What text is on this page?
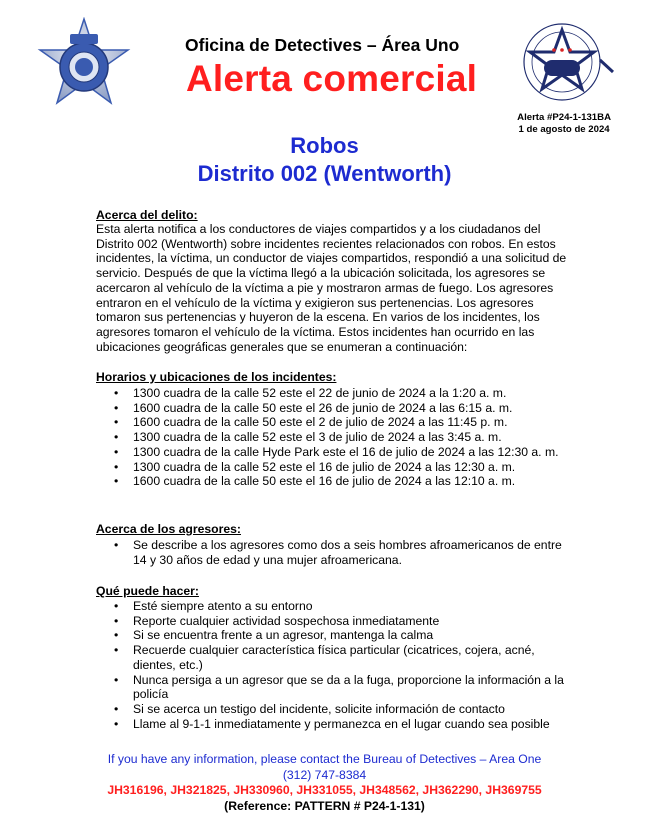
Oficina de Detectives – Área Uno
Alerta comercial
Alerta #P24-1-131BA
1 de agosto de 2024
Robos
Distrito 002 (Wentworth)
Acerca del delito:
Esta alerta notifica a los conductores de viajes compartidos y a los ciudadanos del Distrito 002 (Wentworth) sobre incidentes recientes relacionados con robos. En estos incidentes, la víctima, un conductor de viajes compartidos, respondió a una solicitud de servicio. Después de que la víctima llegó a la ubicación solicitada, los agresores se acercaron al vehículo de la víctima a pie y mostraron armas de fuego. Los agresores entraron en el vehículo de la víctima y exigieron sus pertenencias. Los agresores tomaron sus pertenencias y huyeron de la escena. En varios de los incidentes, los agresores tomaron el vehículo de la víctima. Estos incidentes han ocurrido en las ubicaciones geográficas generales que se enumeran a continuación:
Horarios y ubicaciones de los incidentes:
• 1300 cuadra de la calle 52 este el 22 de junio de 2024 a la 1:20 a. m.
• 1600 cuadra de la calle 50 este el 26 de junio de 2024 a las 6:15 a. m.
• 1600 cuadra de la calle 50 este el 2 de julio de 2024 a las 11:45 p. m.
• 1300 cuadra de la calle 52 este el 3 de julio de 2024 a las 3:45 a. m.
• 1300 cuadra de la calle Hyde Park este el 16 de julio de 2024 a las 12:30 a. m.
• 1300 cuadra de la calle 52 este el 16 de julio de 2024 a las 12:30 a. m.
• 1600 cuadra de la calle 50 este el 16 de julio de 2024 a las 12:10 a. m.
Acerca de los agresores:
• Se describe a los agresores como dos a seis hombres afroamericanos de entre 14 y 30 años de edad y una mujer afroamericana.
Qué puede hacer:
• Esté siempre atento a su entorno
• Reporte cualquier actividad sospechosa inmediatamente
• Si se encuentra frente a un agresor, mantenga la calma
• Recuerde cualquier característica física particular (cicatrices, cojera, acné, dientes, etc.)
• Nunca persiga a un agresor que se da a la fuga, proporcione la información a la policía
• Si se acerca un testigo del incidente, solicite información de contacto
• Llame al 9-1-1 inmediatamente y permanezca en el lugar cuando sea posible
If you have any information, please contact the Bureau of Detectives – Area One
(312) 747-8384
JH316196, JH321825, JH330960, JH331055, JH348562, JH362290, JH369755
(Reference: PATTERN # P24-1-131)
